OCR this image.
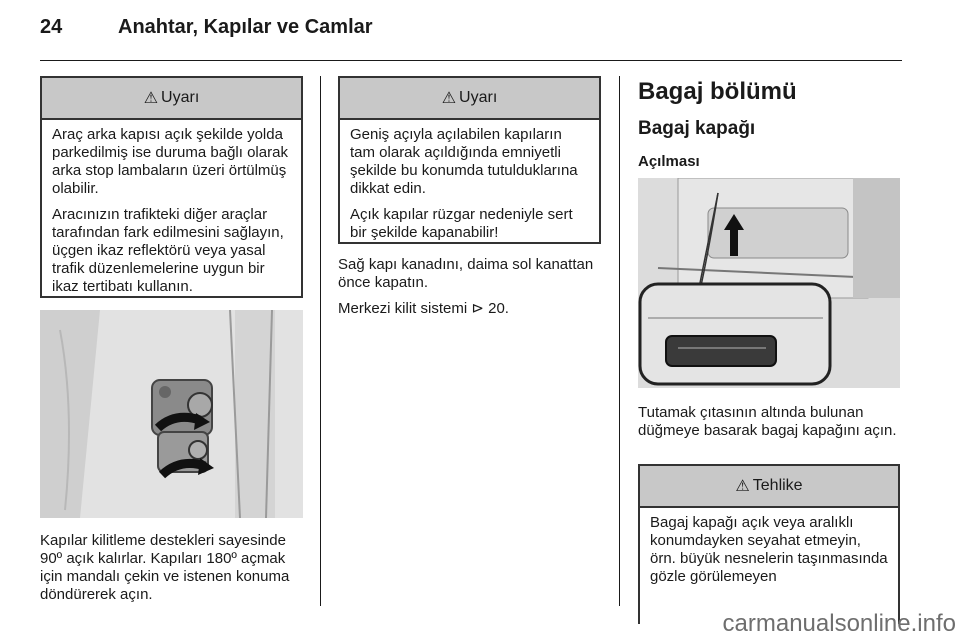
24	Anahtar, Kapılar ve Camlar
⚠ Uyarı

Araç arka kapısı açık şekilde yolda parkedilmiş ise duruma bağlı olarak arka stop lambaların üzeri örtülmüş olabilir.

Aracınızın trafikteki diğer araçlar tarafından fark edilmesini sağlayın, üçgen ikaz reflektörü veya yasal trafik düzenlemelerine uygun bir ikaz tertibatı kullanın.

Kapılar kilitleme destekleri sayesinde 90º açık kalırlar. Kapıları 180º açmak için mandalı çekin ve istenen konuma döndürerek açın.
⚠ Uyarı

Geniş açıyla açılabilen kapıların tam olarak açıldığında emniyetli şekilde bu konumda tutulduklarına dikkat edin.

Açık kapılar rüzgar nedeniyle sert bir şekilde kapanabilir!

Sağ kapı kanadını, daima sol kanattan önce kapatın.

Merkezi kilit sistemi ⊳ 20.

Bagaj bölümü
Bagaj kapağı
Açılması
Tutamak çıtasının altında bulunan düğmeye basarak bagaj kapağını açın.
⚠ Tehlike

Bagaj kapağı açık veya aralıklı konumdayken seyahat etmeyin, örn. büyük nesnelerin taşınmasında gözle görülemeyen

carmanualsonline.info
